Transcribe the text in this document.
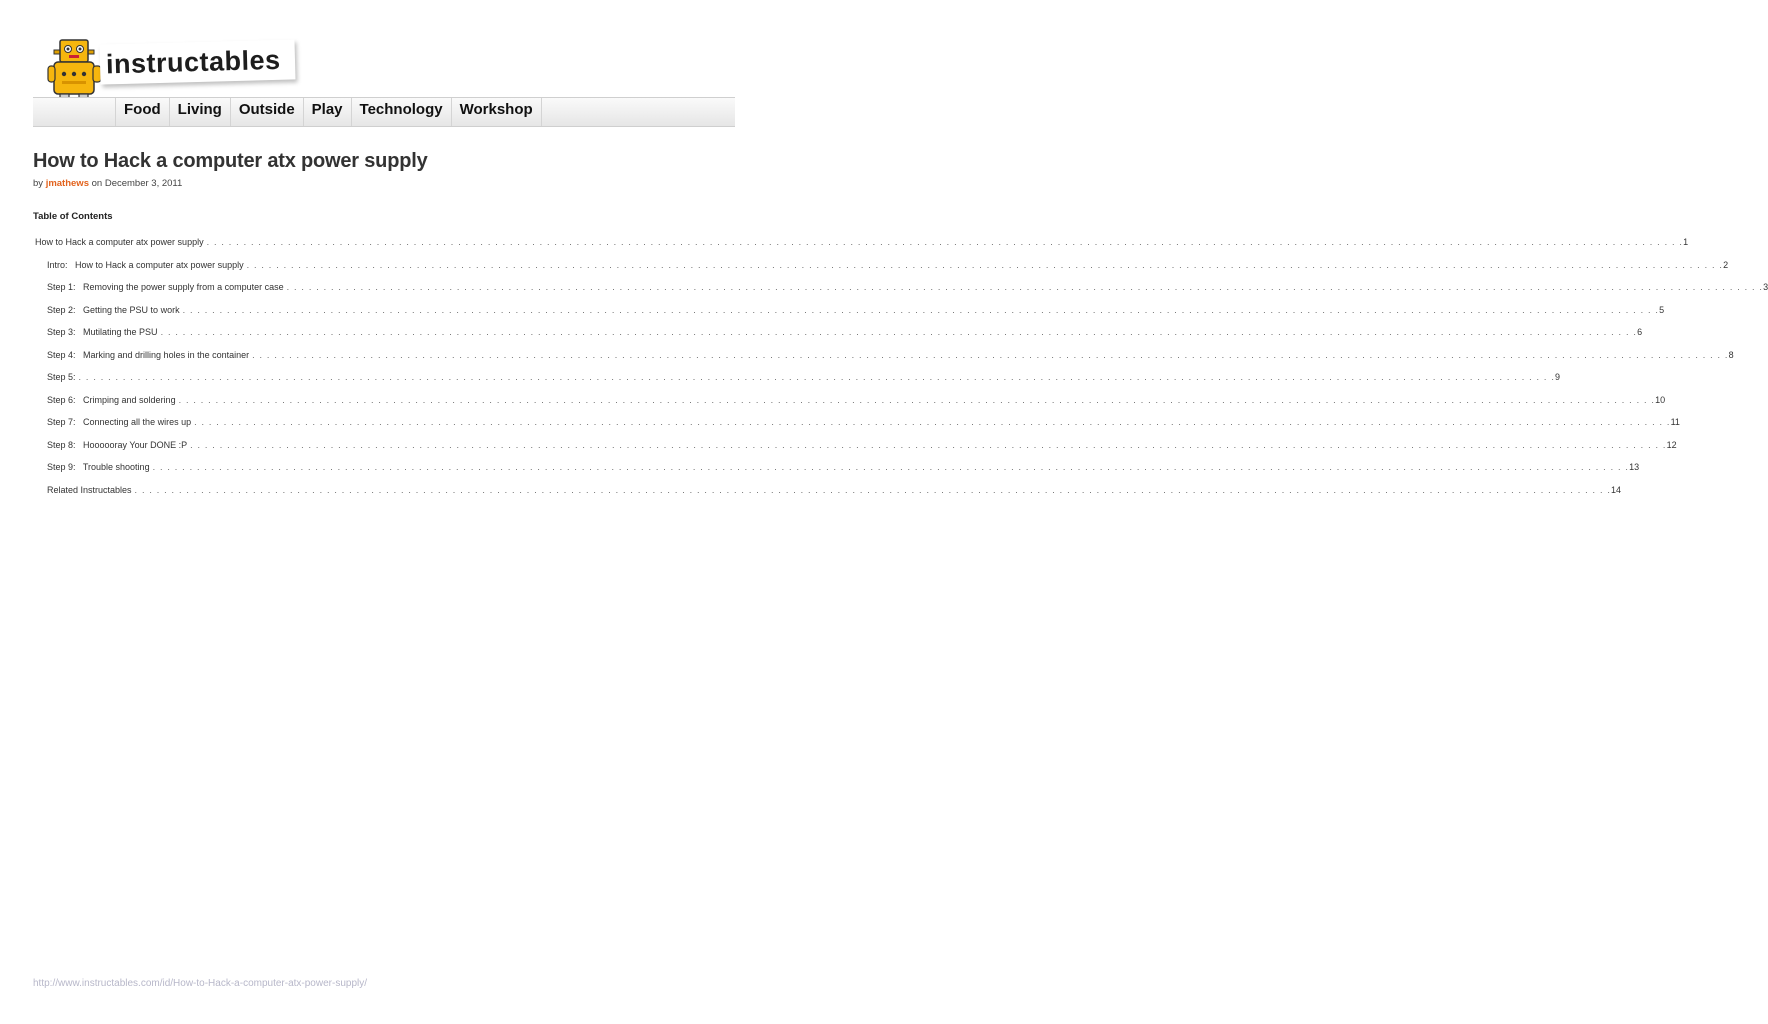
instructables
Food	Living	Outside	Play	Technology	Workshop
How to Hack a computer atx power supply
by jmathews on December 3, 2011
Table of Contents
How to Hack a computer atx power supply . . . . . . . . . . . . . . . . . . . . . . . . . . . . . . . . . . . . . . . . . . . . . . . . . . . . . . . . . . . . . . . . . . . . . . . . . . . . . . . . . . . . . . . . . . . . . . . . . . . . . . . . . . . . . . . . . . . . . . . . . . . . . . . . . . . . . . . . . . . . . . . . . . . . . . . . . . . . . . . . . . . . . . . . . . . . . . . . . . . . . . . . . . . . . . . . . . . . . . . . 1
Intro:   How to Hack a computer atx power supply . . . . . . . . . . . . . . . . . . . . . . . . . . . . . . . . . . . . . . . . . . . . . . . . . . . . . . . . . . . . . . . . . . . . . . . . . . . . . . . . . . . . . . . . . . . . . . . . . . . . . . . . . . . . . . . . . . . . . . . . . . . . . . . . . . . . . . . . . . . . . . . . . . . . . . . . . . . . . . . . . . . . . . . . . . . . . . . . . . . . . . . . . . . . . . . . . . . . . . . . 2
Step 1:   Removing the power supply from a computer case . . . . . . . . . . . . . . . . . . . . . . . . . . . . . . . . . . . . . . . . . . . . . . . . . . . . . . . . . . . . . . . . . . . . . . . . . . . . . . . . . . . . . . . . . . . . . . . . . . . . . . . . . . . . . . . . . . . . . . . . . . . . . . . . . . . . . . . . . . . . . . . . . . . . . . . . . . . . . . . . . . . . . . . . . . . . . . . . . . . . . . . . . . . . . . . . . . . . . . . . 3
Step 2:   Getting the PSU to work . . . . . . . . . . . . . . . . . . . . . . . . . . . . . . . . . . . . . . . . . . . . . . . . . . . . . . . . . . . . . . . . . . . . . . . . . . . . . . . . . . . . . . . . . . . . . . . . . . . . . . . . . . . . . . . . . . . . . . . . . . . . . . . . . . . . . . . . . . . . . . . . . . . . . . . . . . . . . . . . . . . . . . . . . . . . . . . . . . . . . . . . . . . . . . . . . . . . . . . . 5
Step 3:   Mutilating the PSU . . . . . . . . . . . . . . . . . . . . . . . . . . . . . . . . . . . . . . . . . . . . . . . . . . . . . . . . . . . . . . . . . . . . . . . . . . . . . . . . . . . . . . . . . . . . . . . . . . . . . . . . . . . . . . . . . . . . . . . . . . . . . . . . . . . . . . . . . . . . . . . . . . . . . . . . . . . . . . . . . . . . . . . . . . . . . . . . . . . . . . . . . . . . . . . . . . . . . . . . 6
Step 4:   Marking and drilling holes in the container . . . . . . . . . . . . . . . . . . . . . . . . . . . . . . . . . . . . . . . . . . . . . . . . . . . . . . . . . . . . . . . . . . . . . . . . . . . . . . . . . . . . . . . . . . . . . . . . . . . . . . . . . . . . . . . . . . . . . . . . . . . . . . . . . . . . . . . . . . . . . . . . . . . . . . . . . . . . . . . . . . . . . . . . . . . . . . . . . . . . . . . . . . . . . . . . . . . . . . . . 8
Step 5: . . . . . . . . . . . . . . . . . . . . . . . . . . . . . . . . . . . . . . . . . . . . . . . . . . . . . . . . . . . . . . . . . . . . . . . . . . . . . . . . . . . . . . . . . . . . . . . . . . . . . . . . . . . . . . . . . . . . . . . . . . . . . . . . . . . . . . . . . . . . . . . . . . . . . . . . . . . . . . . . . . . . . . . . . . . . . . . . . . . . . . . . . . . . . . . . . . . . . . . . 9
Step 6:   Crimping and soldering . . . . . . . . . . . . . . . . . . . . . . . . . . . . . . . . . . . . . . . . . . . . . . . . . . . . . . . . . . . . . . . . . . . . . . . . . . . . . . . . . . . . . . . . . . . . . . . . . . . . . . . . . . . . . . . . . . . . . . . . . . . . . . . . . . . . . . . . . . . . . . . . . . . . . . . . . . . . . . . . . . . . . . . . . . . . . . . . . . . . . . . . . . . . . . . . . . . . . . . . 10
Step 7:   Connecting all the wires up . . . . . . . . . . . . . . . . . . . . . . . . . . . . . . . . . . . . . . . . . . . . . . . . . . . . . . . . . . . . . . . . . . . . . . . . . . . . . . . . . . . . . . . . . . . . . . . . . . . . . . . . . . . . . . . . . . . . . . . . . . . . . . . . . . . . . . . . . . . . . . . . . . . . . . . . . . . . . . . . . . . . . . . . . . . . . . . . . . . . . . . . . . . . . . . . . . . . . . . . 11
Step 8:   Hoooooray Your DONE :P . . . . . . . . . . . . . . . . . . . . . . . . . . . . . . . . . . . . . . . . . . . . . . . . . . . . . . . . . . . . . . . . . . . . . . . . . . . . . . . . . . . . . . . . . . . . . . . . . . . . . . . . . . . . . . . . . . . . . . . . . . . . . . . . . . . . . . . . . . . . . . . . . . . . . . . . . . . . . . . . . . . . . . . . . . . . . . . . . . . . . . . . . . . . . . . . . . . . . . . . 12
Step 9:   Trouble shooting . . . . . . . . . . . . . . . . . . . . . . . . . . . . . . . . . . . . . . . . . . . . . . . . . . . . . . . . . . . . . . . . . . . . . . . . . . . . . . . . . . . . . . . . . . . . . . . . . . . . . . . . . . . . . . . . . . . . . . . . . . . . . . . . . . . . . . . . . . . . . . . . . . . . . . . . . . . . . . . . . . . . . . . . . . . . . . . . . . . . . . . . . . . . . . . . . . . . . . . . 13
Related Instructables . . . . . . . . . . . . . . . . . . . . . . . . . . . . . . . . . . . . . . . . . . . . . . . . . . . . . . . . . . . . . . . . . . . . . . . . . . . . . . . . . . . . . . . . . . . . . . . . . . . . . . . . . . . . . . . . . . . . . . . . . . . . . . . . . . . . . . . . . . . . . . . . . . . . . . . . . . . . . . . . . . . . . . . . . . . . . . . . . . . . . . . . . . . . . . . . . . . . . . . . 14
http://www.instructables.com/id/How-to-Hack-a-computer-atx-power-supply/
